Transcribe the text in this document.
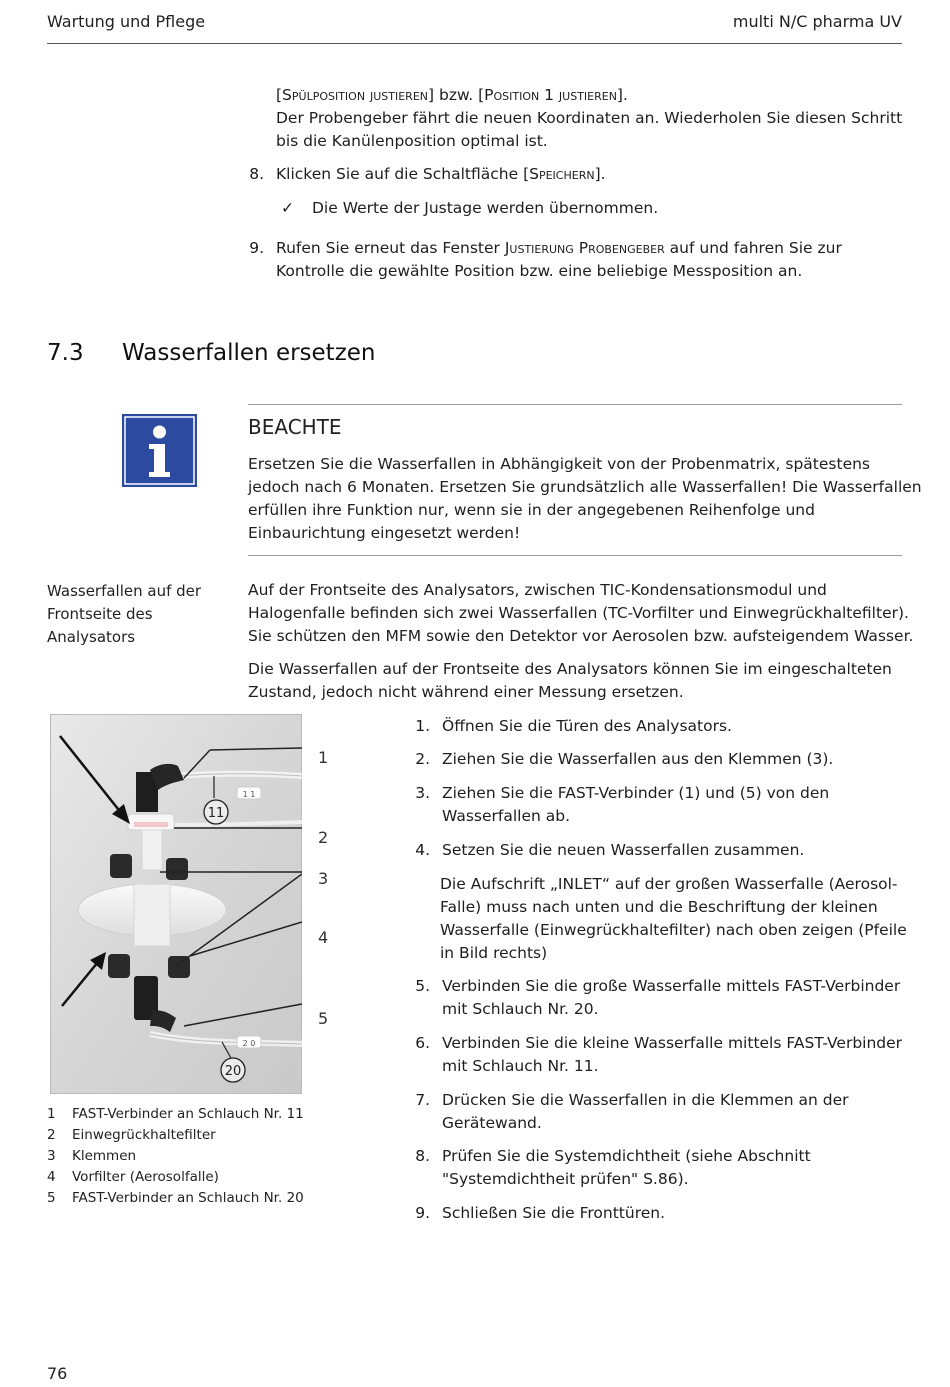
Wartung und Pflege	multi N/C pharma UV
[Spülposition justieren] bzw. [Position 1 justieren].
Der Probengeber fährt die neuen Koordinaten an. Wiederholen Sie diesen Schritt
bis die Kanülenposition optimal ist.
8. Klicken Sie auf die Schaltfläche [Speichern].
✓ Die Werte der Justage werden übernommen.
9. Rufen Sie erneut das Fenster Justierung Probengeber auf und fahren Sie zur
Kontrolle die gewählte Position bzw. eine beliebige Messposition an.
7.3 Wasserfallen ersetzen
BEACHTE
Ersetzen Sie die Wasserfallen in Abhängigkeit von der Probenmatrix, spätestens
jedoch nach 6 Monaten. Ersetzen Sie grundsätzlich alle Wasserfallen! Die Wasserfallen
erfüllen ihre Funktion nur, wenn sie in der angegebenen Reihenfolge und
Einbaurichtung eingesetzt werden!
Wasserfallen auf der
Frontseite des
Analysators
Auf der Frontseite des Analysators, zwischen TIC-Kondensationsmodul und
Halogenfalle befinden sich zwei Wasserfallen (TC-Vorfilter und Einwegrückhaltefilter).
Sie schützen den MFM sowie den Detektor vor Aerosolen bzw. aufsteigendem Wasser.
Die Wasserfallen auf der Frontseite des Analysators können Sie im eingeschalteten
Zustand, jedoch nicht während einer Messung ersetzen.
1. Öffnen Sie die Türen des Analysators.
2. Ziehen Sie die Wasserfallen aus den Klemmen (3).
3. Ziehen Sie die FAST-Verbinder (1) und (5) von den
Wasserfallen ab.
4. Setzen Sie die neuen Wasserfallen zusammen.
Die Aufschrift „INLET“ auf der großen Wasserfalle (Aerosol-
Falle) muss nach unten und die Beschriftung der kleinen
Wasserfalle (Einwegrückhaltefilter) nach oben zeigen (Pfeile
in Bild rechts)
5. Verbinden Sie die große Wasserfalle mittels FAST-Verbinder
mit Schlauch Nr. 20.
6. Verbinden Sie die kleine Wasserfalle mittels FAST-Verbinder
mit Schlauch Nr. 11.
7. Drücken Sie die Wasserfallen in die Klemmen an der
Gerätewand.
8. Prüfen Sie die Systemdichtheit (siehe Abschnitt
"Systemdichtheit prüfen" S.86).
9. Schließen Sie die Fronttüren.
1 1
2 0
11
20
1
2
3
4
5
1 FAST-Verbinder an Schlauch Nr. 11
2 Einwegrückhaltefilter
3 Klemmen
4 Vorfilter (Aerosolfalle)
5 FAST-Verbinder an Schlauch Nr. 20
76
